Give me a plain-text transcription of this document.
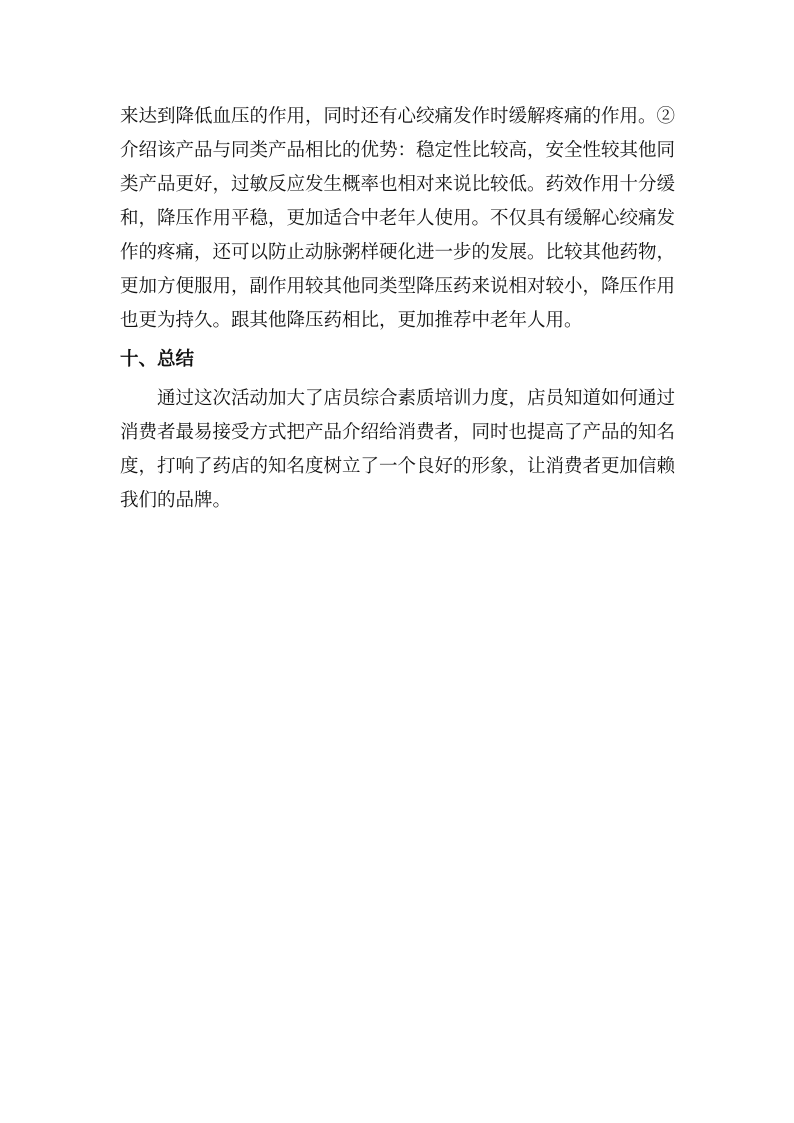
来达到降低血压的作用，同时还有心绞痛发作时缓解疼痛的作用。②
介绍该产品与同类产品相比的优势：稳定性比较高，安全性较其他同
类产品更好，过敏反应发生概率也相对来说比较低。药效作用十分缓
和，降压作用平稳，更加适合中老年人使用。不仅具有缓解心绞痛发
作的疼痛，还可以防止动脉粥样硬化进一步的发展。比较其他药物，
更加方便服用，副作用较其他同类型降压药来说相对较小，降压作用
也更为持久。跟其他降压药相比，更加推荐中老年人用。
十、总结
通过这次活动加大了店员综合素质培训力度，店员知道如何通过
消费者最易接受方式把产品介绍给消费者，同时也提高了产品的知名
度，打响了药店的知名度树立了一个良好的形象，让消费者更加信赖
我们的品牌。
